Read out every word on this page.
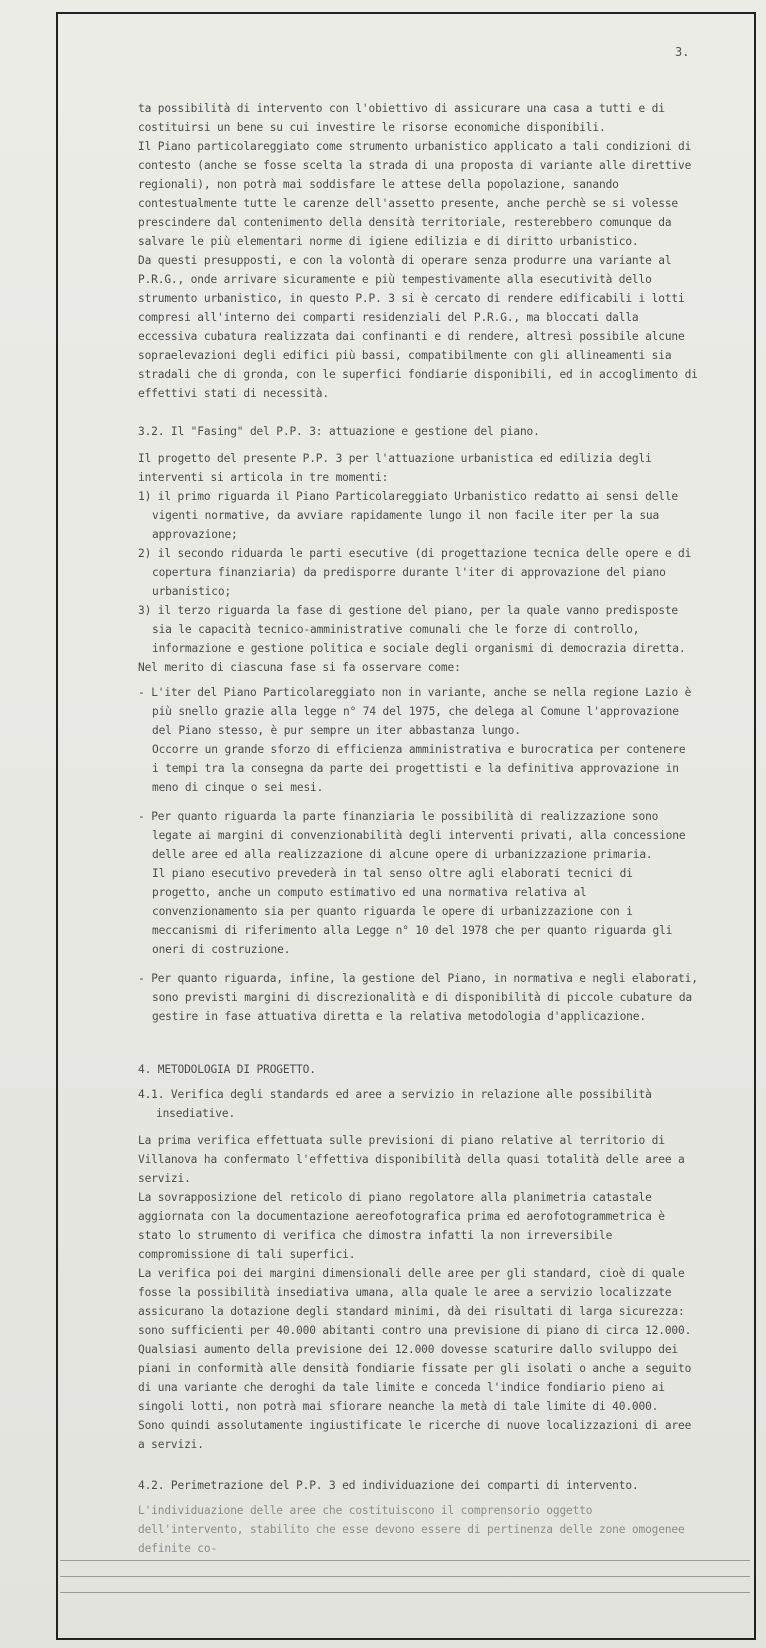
3.

ta possibilità di intervento con l'obiettivo di assicurare una casa a tutti e di costituirsi un bene su cui investire le risorse economiche disponibili.

Il Piano particolareggiato come strumento urbanistico applicato a tali condizioni di contesto (anche se fosse scelta la strada di una proposta di variante alle direttive regionali), non potrà mai soddisfare le attese della popolazione, sanando contestualmente tutte le carenze dell'assetto presente, anche perchè se si volesse prescindere dal contenimento della densità territoriale, resterebbero comunque da salvare le più elementari norme di igiene edilizia e di diritto urbanistico.

Da questi presupposti, e con la volontà di operare senza produrre una variante al P.R.G., onde arrivare sicuramente e più tempestivamente alla esecutività dello strumento urbanistico, in questo P.P. 3 si è cercato di rendere edificabili i lotti compresi all'interno dei comparti residenziali del P.R.G., ma bloccati dalla eccessiva cubatura realizzata dai confinanti e di rendere, altresì possibile alcune sopraelevazioni degli edifici più bassi, compatibilmente con gli allineamenti sia stradali che di gronda, con le superfici fondiarie disponibili, ed in accoglimento di effettivi stati di necessità.

3.2. Il "Fasing" del P.P. 3: attuazione e gestione del piano.

Il progetto del presente P.P. 3 per l'attuazione urbanistica ed edilizia degli interventi si articola in tre momenti:

1) il primo riguarda il Piano Particolareggiato Urbanistico redatto ai sensi delle vigenti normative, da avviare rapidamente lungo il non facile iter per la sua approvazione;
2) il secondo riduarda le parti esecutive (di progettazione tecnica delle opere e di copertura finanziaria) da predisporre durante l'iter di approvazione del piano urbanistico;
3) il terzo riguarda la fase di gestione del piano, per la quale vanno predisposte sia le capacità tecnico-amministrative comunali che le forze di controllo, informazione e gestione politica e sociale degli organismi di democrazia diretta.

Nel merito di ciascuna fase si fa osservare come:

- L'iter del Piano Particolareggiato non in variante, anche se nella regione Lazio è più snello grazie alla legge n° 74 del 1975, che delega al Comune l'approvazione del Piano stesso, è pur sempre un iter abbastanza lungo.

Occorre un grande sforzo di efficienza amministrativa e burocratica per contenere i tempi tra la consegna da parte dei progettisti e la definitiva approvazione in meno di cinque o sei mesi.

- Per quanto riguarda la parte finanziaria le possibilità di realizzazione sono legate ai margini di convenzionabilità degli interventi privati, alla concessione delle aree ed alla realizzazione di alcune opere di urbanizzazione primaria.

Il piano esecutivo prevederà in tal senso oltre agli elaborati tecnici di progetto, anche un computo estimativo ed una normativa relativa al convenzionamento sia per quanto riguarda le opere di urbanizzazione con i meccanismi di riferimento alla Legge n° 10 del 1978 che per quanto riguarda gli oneri di costruzione.

- Per quanto riguarda, infine, la gestione del Piano, in normativa e negli elaborati, sono previsti margini di discrezionalità e di disponibilità di piccole cubature da gestire in fase attuativa diretta e la relativa metodologia d'applicazione.

4. METODOLOGIA DI PROGETTO.

4.1. Verifica degli standards ed aree a servizio in relazione alle possibilità insediative.

La prima verifica effettuata sulle previsioni di piano relative al territorio di Villanova ha confermato l'effettiva disponibilità della quasi totalità delle aree a servizi.

La sovrapposizione del reticolo di piano regolatore alla planimetria catastale aggiornata con la documentazione aereofotografica prima ed aerofotogrammetrica è stato lo strumento di verifica che dimostra infatti la non irreversibile compromissione di tali superfici.

La verifica poi dei margini dimensionali delle aree per gli standard, cioè di quale fosse la possibilità insediativa umana, alla quale le aree a servizio localizzate assicurano la dotazione degli standard minimi, dà dei risultati di larga sicurezza: sono sufficienti per 40.000 abitanti contro una previsione di piano di circa 12.000. Qualsiasi aumento della previsione dei 12.000 dovesse scaturire dallo sviluppo dei piani in conformità alle densità fondiarie fissate per gli isolati o anche a seguito di una variante che deroghi da tale limite e conceda l'indice fondiario pieno ai singoli lotti, non potrà mai sfiorare neanche la metà di tale limite di 40.000.

Sono quindi assolutamente ingiustificate le ricerche di nuove localizzazioni di aree a servizi.

4.2. Perimetrazione del P.P. 3 ed individuazione dei comparti di intervento.

L'individuazione delle aree che costituiscono il comprensorio oggetto dell'intervento, stabilito che esse devono essere di pertinenza delle zone omogenee definite co-
